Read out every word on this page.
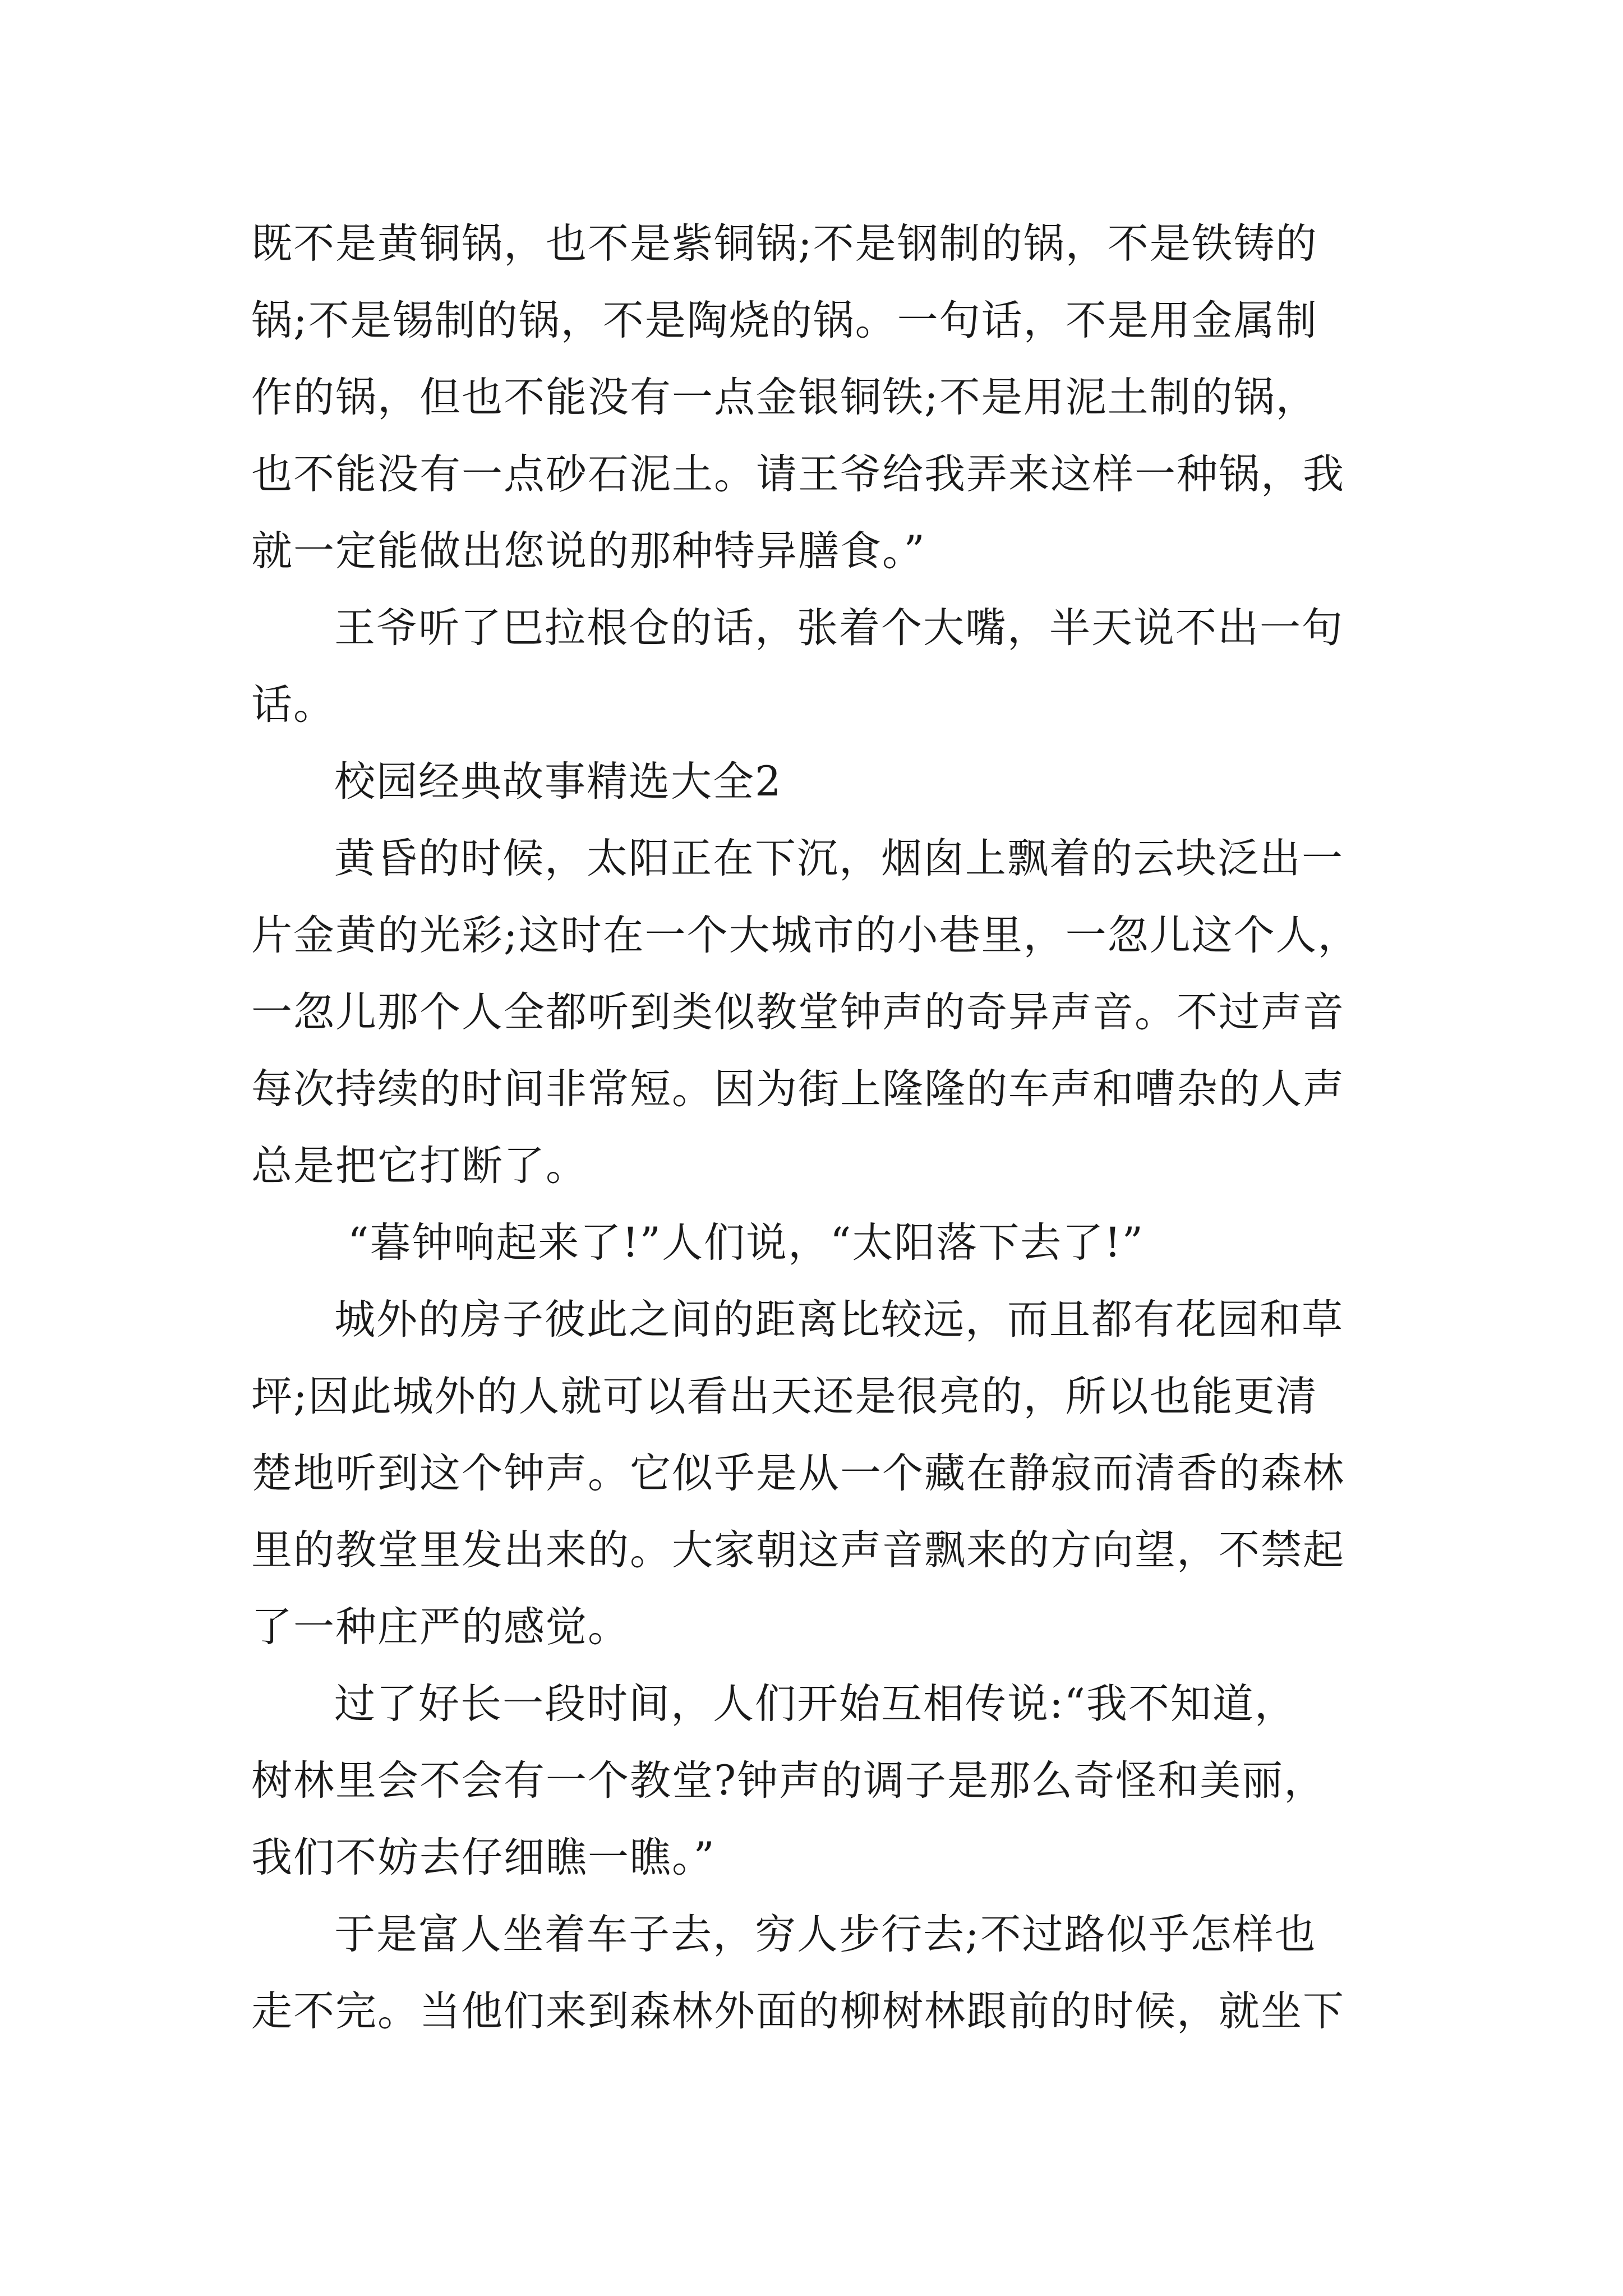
既不是黄铜锅，也不是紫铜锅;不是钢制的锅，不是铁铸的
锅;不是锡制的锅，不是陶烧的锅。一句话，不是用金属制
作的锅，但也不能没有一点金银铜铁;不是用泥土制的锅，
也不能没有一点砂石泥土。请王爷给我弄来这样一种锅，我
就一定能做出您说的那种特异膳食。”
王爷听了巴拉根仓的话，张着个大嘴，半天说不出一句
话。
校园经典故事精选大全2
黄昏的时候，太阳正在下沉，烟囱上飘着的云块泛出一
片金黄的光彩;这时在一个大城市的小巷里，一忽儿这个人，
一忽儿那个人全都听到类似教堂钟声的奇异声音。不过声音
每次持续的时间非常短。因为街上隆隆的车声和嘈杂的人声
总是把它打断了。
“暮钟响起来了!”人们说，“太阳落下去了!”
城外的房子彼此之间的距离比较远，而且都有花园和草
坪;因此城外的人就可以看出天还是很亮的，所以也能更清
楚地听到这个钟声。它似乎是从一个藏在静寂而清香的森林
里的教堂里发出来的。大家朝这声音飘来的方向望，不禁起
了一种庄严的感觉。
过了好长一段时间，人们开始互相传说:“我不知道，
树林里会不会有一个教堂?钟声的调子是那么奇怪和美丽，
我们不妨去仔细瞧一瞧。”
于是富人坐着车子去，穷人步行去;不过路似乎怎样也
走不完。当他们来到森林外面的柳树林跟前的时候，就坐下
